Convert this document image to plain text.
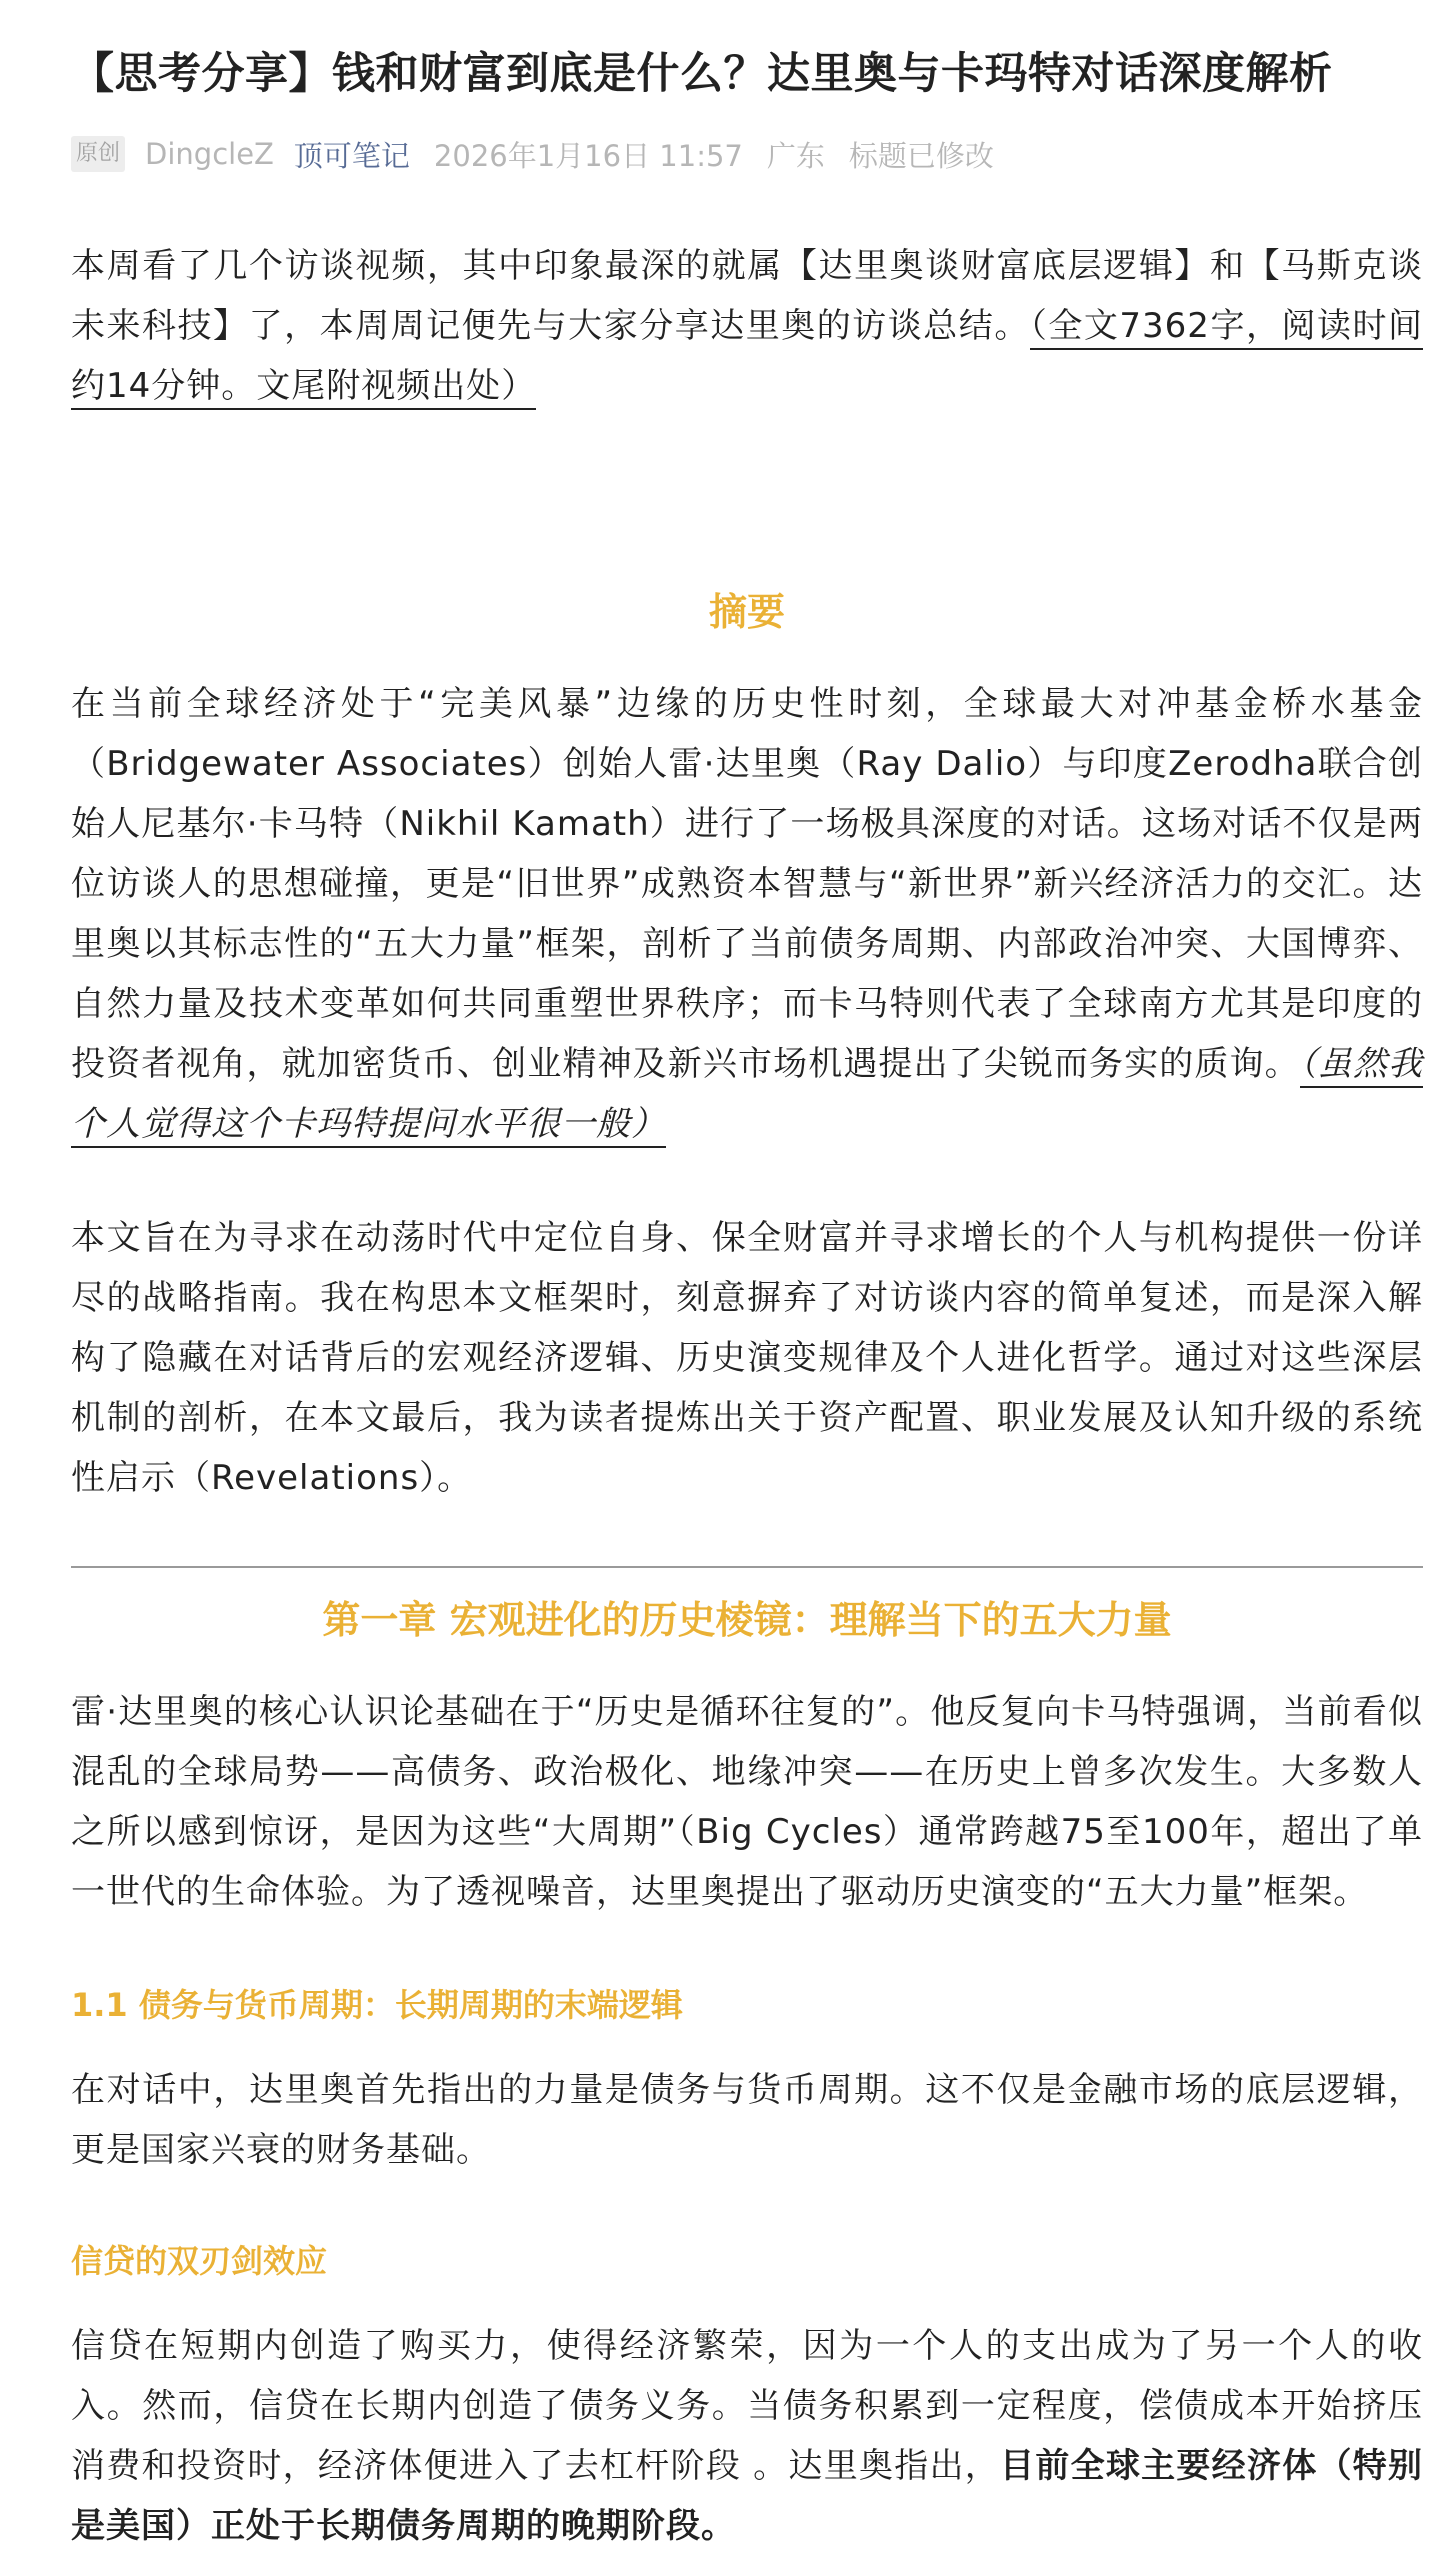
【思考分享】钱和财富到底是什么？达里奥与卡玛特对话深度解析
原创 DingcleZ 顶可笔记 2026年1月16日 11:57 广东 标题已修改

本周看了几个访谈视频，其中印象最深的就属【达里奥谈财富底层逻辑】和【马斯克谈未来科技】了，本周周记便先与大家分享达里奥的访谈总结。（全文7362字，阅读时间约14分钟。文尾附视频出处）

摘要

在当前全球经济处于“完美风暴”边缘的历史性时刻，全球最大对冲基金桥水基金（Bridgewater Associates）创始人雷·达里奥（Ray Dalio）与印度Zerodha联合创始人尼基尔·卡马特（Nikhil Kamath）进行了一场极具深度的对话。这场对话不仅是两位访谈人的思想碰撞，更是“旧世界”成熟资本智慧与“新世界”新兴经济活力的交汇。达里奥以其标志性的“五大力量”框架，剖析了当前债务周期、内部政治冲突、大国博弈、自然力量及技术变革如何共同重塑世界秩序；而卡马特则代表了全球南方尤其是印度的投资者视角，就加密货币、创业精神及新兴市场机遇提出了尖锐而务实的质询。（虽然我个人觉得这个卡玛特提问水平很一般）

本文旨在为寻求在动荡时代中定位自身、保全财富并寻求增长的个人与机构提供一份详尽的战略指南。我在构思本文框架时，刻意摒弃了对访谈内容的简单复述，而是深入解构了隐藏在对话背后的宏观经济逻辑、历史演变规律及个人进化哲学。通过对这些深层机制的剖析，在本文最后，我为读者提炼出关于资产配置、职业发展及认知升级的系统性启示（Revelations）。

第一章 宏观进化的历史棱镜：理解当下的五大力量

雷·达里奥的核心认识论基础在于“历史是循环往复的”。他反复向卡马特强调，当前看似混乱的全球局势——高债务、政治极化、地缘冲突——在历史上曾多次发生。大多数人之所以感到惊讶，是因为这些“大周期”（Big Cycles）通常跨越75至100年，超出了单一世代的生命体验。为了透视噪音，达里奥提出了驱动历史演变的“五大力量”框架。

1.1 债务与货币周期：长期周期的末端逻辑

在对话中，达里奥首先指出的力量是债务与货币周期。这不仅是金融市场的底层逻辑，更是国家兴衰的财务基础。

信贷的双刃剑效应

信贷在短期内创造了购买力，使得经济繁荣，因为一个人的支出成为了另一个人的收入。然而，信贷在长期内创造了债务义务。当债务积累到一定程度，偿债成本开始挤压消费和投资时，经济体便进入了去杠杆阶段 。达里奥指出，目前全球主要经济体（特别是美国）正处于长期债务周期的晚期阶段。
